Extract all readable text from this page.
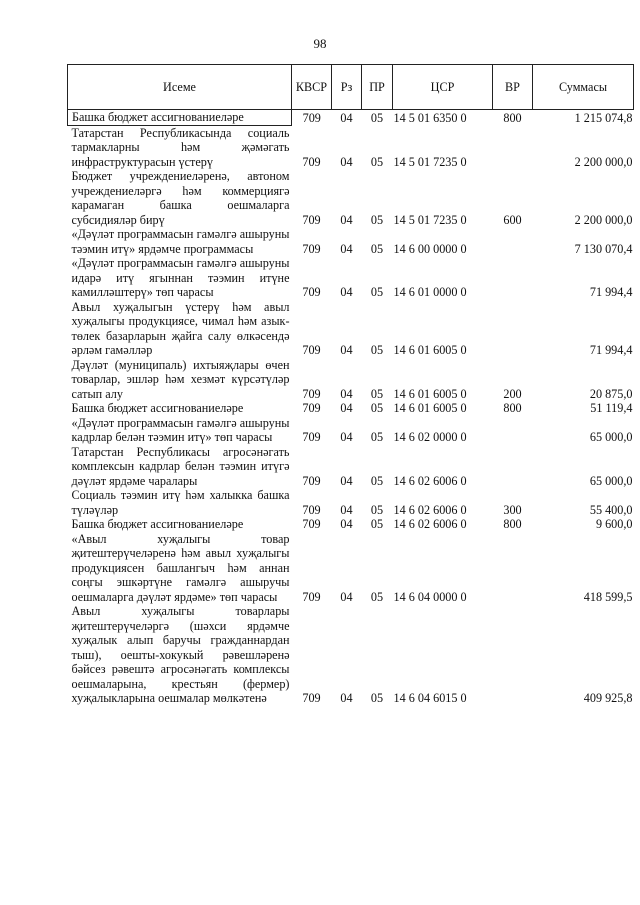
98
Исеме	КВСР	Рз	ПР	ЦСР	ВР	Суммасы
Башка бюджет ассигнованиеләре	709	04	05	14 5 01 6350 0	800	1 215 074,8
Татарстан Республикасында социаль тармакларны һәм җәмәгать инфраструктурасын үстерү	709	04	05	14 5 01 7235 0		2 200 000,0
Бюджет учреждениеләренә, автоном учреждениеләргә һәм коммерциягә карамаган башка оешмаларга субсидияләр бирү	709	04	05	14 5 01 7235 0	600	2 200 000,0
«Дәүләт программасын гамәлгә ашыруны тәэмин итү» ярдәмче программасы	709	04	05	14 6 00 0000 0		7 130 070,4
«Дәүләт программасын гамәлгә ашыруны идарә итү ягыннан тәэмин итүне камилләштерү» төп чарасы	709	04	05	14 6 01 0000 0		71 994,4
Авыл хуҗалыгын үстерү һәм авыл хуҗалыгы продукциясе, чимал һәм азык-төлек базарларын җайга салу өлкәсендә әрләм гамәлләр	709	04	05	14 6 01 6005 0		71 994,4
Дәүләт (муниципаль) ихтыяҗлары өчен товарлар, эшләр һәм хезмәт күрсәтүләр сатып алу	709	04	05	14 6 01 6005 0	200	20 875,0
Башка бюджет ассигнованиеләре	709	04	05	14 6 01 6005 0	800	51 119,4
«Дәүләт программасын гамәлгә ашыруны кадрлар белән тәэмин итү» төп чарасы	709	04	05	14 6 02 0000 0		65 000,0
Татарстан Республикасы агросәнәгать комплексын кадрлар белән тәэмин итүгә дәүләт ярдәме чаралары	709	04	05	14 6 02 6006 0		65 000,0
Социаль тәэмин итү һәм халыкка башка түләүләр	709	04	05	14 6 02 6006 0	300	55 400,0
Башка бюджет ассигнованиеләре	709	04	05	14 6 02 6006 0	800	9 600,0
«Авыл хуҗалыгы товар җитештерүчеләренә һәм авыл хуҗалыгы продукциясен башлангыч һәм аннан соңгы эшкәртүне гамәлгә ашыручы оешмаларга дәүләт ярдәме» төп чарасы	709	04	05	14 6 04 0000 0		418 599,5
Авыл хуҗалыгы товарлары җитештерүчеләргә (шәхси ярдәмче хуҗалык алып баручы гражданнардан тыш), оешты-хокукый рәвешләренә бәйсез рәвештә агросәнәгать комплексы оешмаларына, крестьян (фермер) хуҗалыкларына оешмалар мөлкәтенә	709	04	05	14 6 04 6015 0		409 925,8
